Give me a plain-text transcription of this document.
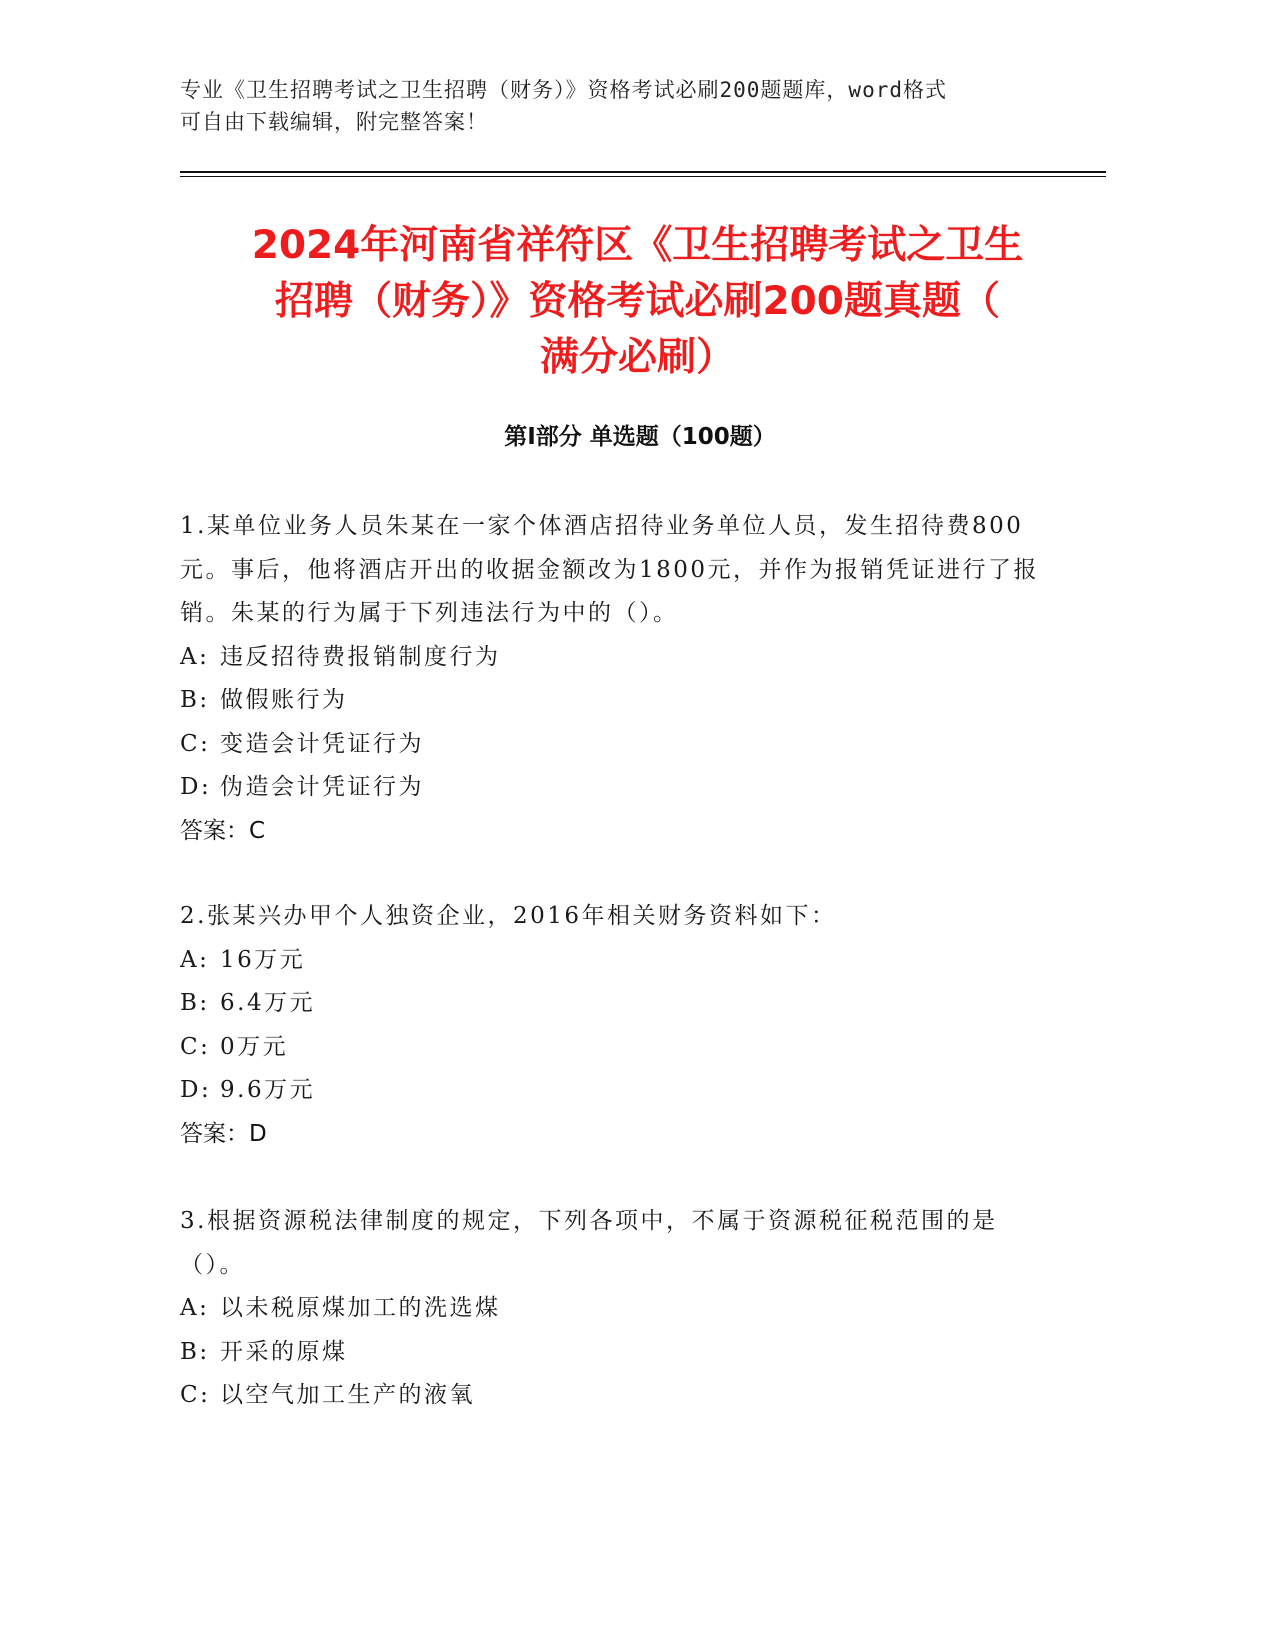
专业《卫生招聘考试之卫生招聘（财务）》资格考试必刷200题题库，word格式
可自由下载编辑，附完整答案！
2024年河南省祥符区《卫生招聘考试之卫生
招聘（财务）》资格考试必刷200题真题（
满分必刷）
第Ⅰ部分 单选题（100题）

1.某单位业务人员朱某在一家个体酒店招待业务单位人员，发生招待费800元。事后，他将酒店开出的收据金额改为1800元，并作为报销凭证进行了报销。朱某的行为属于下列违法行为中的（）。

A: 违反招待费报销制度行为

B: 做假账行为

C: 变造会计凭证行为

D: 伪造会计凭证行为

答案：C

2.张某兴办甲个人独资企业，2016年相关财务资料如下：

A: 16万元

B: 6.4万元

C: 0万元

D: 9.6万元

答案：D

3.根据资源税法律制度的规定，下列各项中，不属于资源税征税范围的是（）。

A: 以未税原煤加工的洗选煤

B: 开采的原煤

C: 以空气加工生产的液氧
